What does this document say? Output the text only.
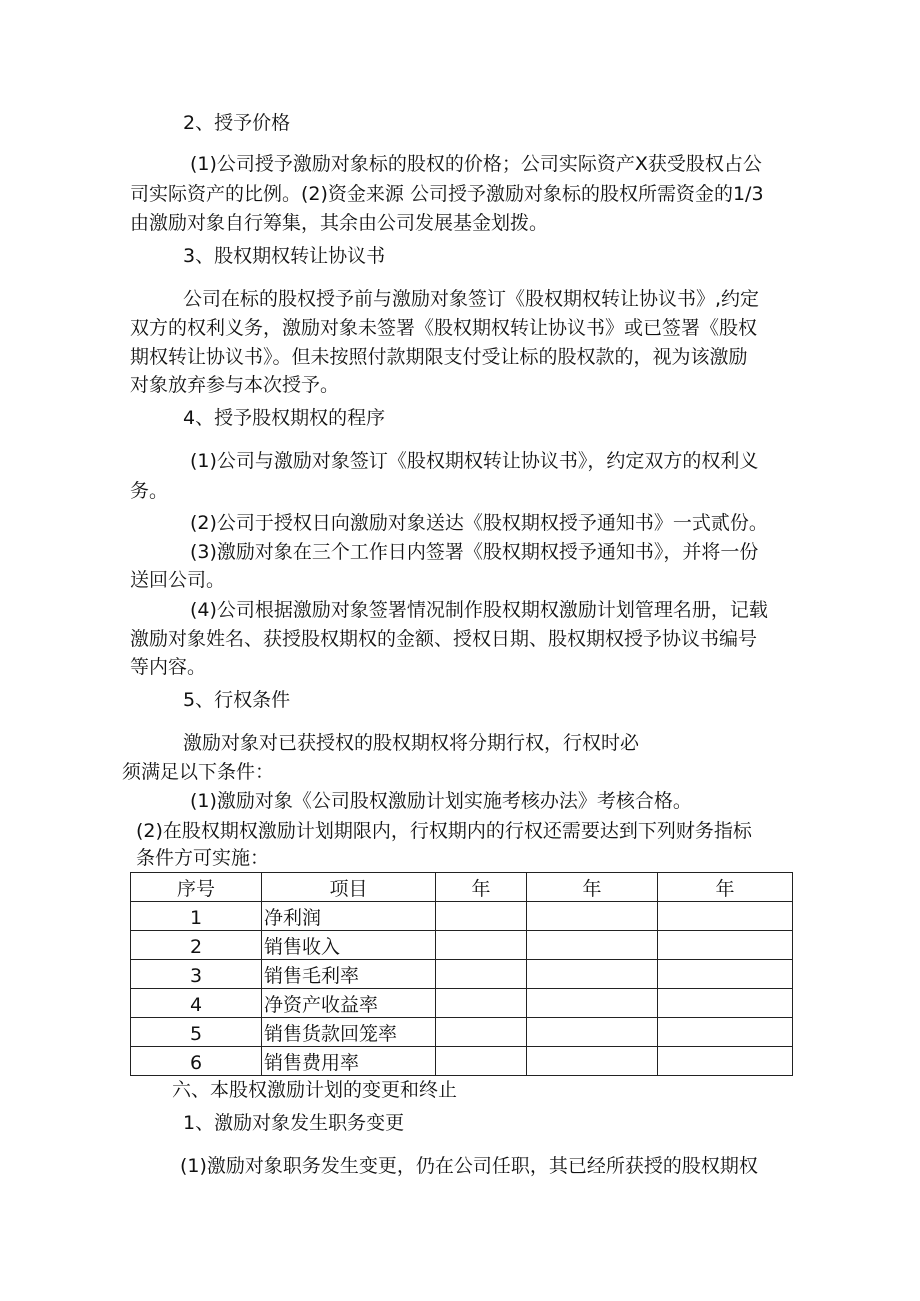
2、授予价格
(1)公司授予激励对象标的股权的价格；公司实际资产X获受股权占公
司实际资产的比例。(2)资金来源 公司授予激励对象标的股权所需资金的1/3
由激励对象自行筹集，其余由公司发展基金划拨。
3、股权期权转让协议书
公司在标的股权授予前与激励对象签订《股权期权转让协议书》,约定
双方的权利义务，激励对象未签署《股权期权转让协议书》或已签署《股权
期权转让协议书》。但未按照付款期限支付受让标的股权款的，视为该激励
对象放弃参与本次授予。
4、授予股权期权的程序
(1)公司与激励对象签订《股权期权转让协议书》，约定双方的权利义
务。
(2)公司于授权日向激励对象送达《股权期权授予通知书》一式贰份。
(3)激励对象在三个工作日内签署《股权期权授予通知书》，并将一份
送回公司。
(4)公司根据激励对象签署情况制作股权期权激励计划管理名册，记载
激励对象姓名、获授股权期权的金额、授权日期、股权期权授予协议书编号
等内容。
5、行权条件
激励对象对已获授权的股权期权将分期行权，行权时必
须满足以下条件：
(1)激励对象《公司股权激励计划实施考核办法》考核合格。
(2)在股权期权激励计划期限内，行权期内的行权还需要达到下列财务指标
条件方可实施：
序号	项目	年	年	年
1	净利润			
2	销售收入			
3	销售毛利率			
4	净资产收益率			
5	销售货款回笼率			
6	销售费用率			
六、本股权激励计划的变更和终止
1、激励对象发生职务变更
(1)激励对象职务发生变更，仍在公司任职，其已经所获授的股权期权
